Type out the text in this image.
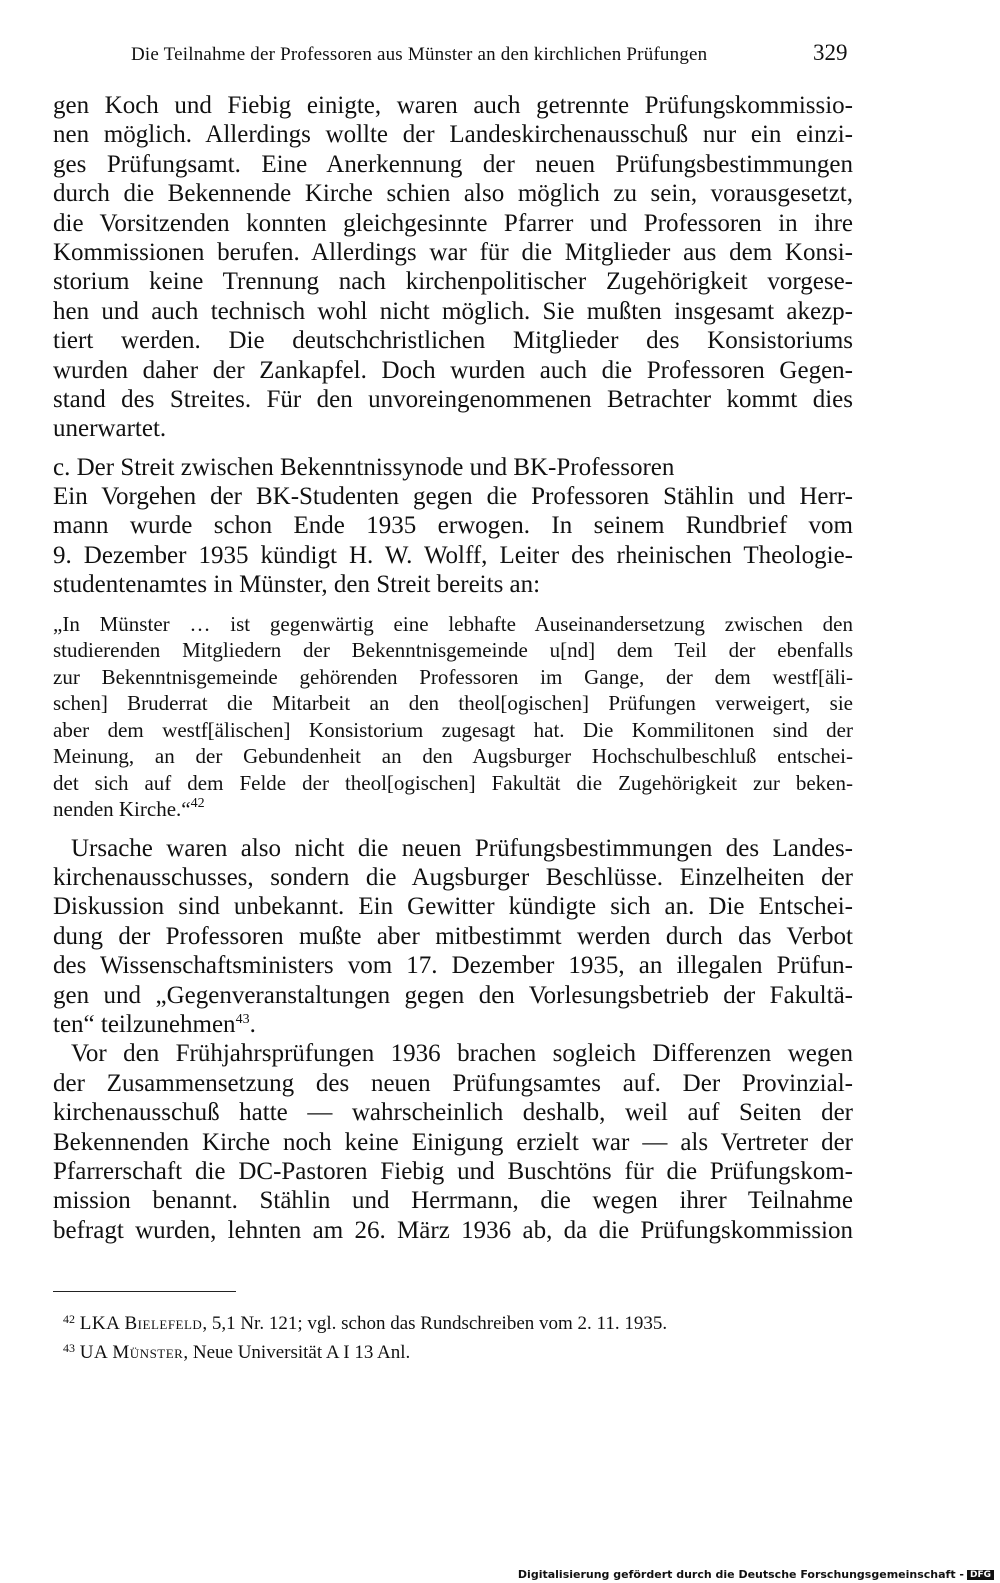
Die Teilnahme der Professoren aus Münster an den kirchlichen Prüfungen	329
gen Koch und Fiebig einigte, waren auch getrennte Prüfungskommissio-
nen möglich. Allerdings wollte der Landeskirchenausschuß nur ein einzi-
ges Prüfungsamt. Eine Anerkennung der neuen Prüfungsbestimmungen
durch die Bekennende Kirche schien also möglich zu sein, vorausgesetzt,
die Vorsitzenden konnten gleichgesinnte Pfarrer und Professoren in ihre
Kommissionen berufen. Allerdings war für die Mitglieder aus dem Konsi-
storium keine Trennung nach kirchenpolitischer Zugehörigkeit vorgese-
hen und auch technisch wohl nicht möglich. Sie mußten insgesamt akezp-
tiert werden. Die deutschchristlichen Mitglieder des Konsistoriums
wurden daher der Zankapfel. Doch wurden auch die Professoren Gegen-
stand des Streites. Für den unvoreingenommenen Betrachter kommt dies
unerwartet.
c. Der Streit zwischen Bekenntnissynode und BK-Professoren
Ein Vorgehen der BK-Studenten gegen die Professoren Stählin und Herr-
mann wurde schon Ende 1935 erwogen. In seinem Rundbrief vom
9. Dezember 1935 kündigt H. W. Wolff, Leiter des rheinischen Theologie-
studentenamtes in Münster, den Streit bereits an:
„In Münster … ist gegenwärtig eine lebhafte Auseinandersetzung zwischen den
studierenden Mitgliedern der Bekenntnisgemeinde u[nd] dem Teil der ebenfalls
zur Bekenntnisgemeinde gehörenden Professoren im Gange, der dem westf[äli-
schen] Bruderrat die Mitarbeit an den theol[ogischen] Prüfungen verweigert, sie
aber dem westf[älischen] Konsistorium zugesagt hat. Die Kommilitonen sind der
Meinung, an der Gebundenheit an den Augsburger Hochschulbeschluß entschei-
det sich auf dem Felde der theol[ogischen] Fakultät die Zugehörigkeit zur beken-
nenden Kirche.“$^{42}$
Ursache waren also nicht die neuen Prüfungsbestimmungen des Landes-
kirchenausschusses, sondern die Augsburger Beschlüsse. Einzelheiten der
Diskussion sind unbekannt. Ein Gewitter kündigte sich an. Die Entschei-
dung der Professoren mußte aber mitbestimmt werden durch das Verbot
des Wissenschaftsministers vom 17. Dezember 1935, an illegalen Prüfun-
gen und „Gegenveranstaltungen gegen den Vorlesungsbetrieb der Fakultä-
ten“ teilzunehmen$^{43}$.
Vor den Frühjahrsprüfungen 1936 brachen sogleich Differenzen wegen
der Zusammensetzung des neuen Prüfungsamtes auf. Der Provinzial-
kirchenausschuß hatte — wahrscheinlich deshalb, weil auf Seiten der
Bekennenden Kirche noch keine Einigung erzielt war — als Vertreter der
Pfarrerschaft die DC-Pastoren Fiebig und Buschtöns für die Prüfungskom-
mission benannt. Stählin und Herrmann, die wegen ihrer Teilnahme
befragt wurden, lehnten am 26. März 1936 ab, da die Prüfungskommission
$^{42}$ LKA Bielefeld, 5,1 Nr. 121; vgl. schon das Rundschreiben vom 2. 11. 1935.
$^{43}$ UA Münster, Neue Universität A I 13 Anl.
Digitalisierung gefördert durch die Deutsche Forschungsgemeinschaft - DFG
